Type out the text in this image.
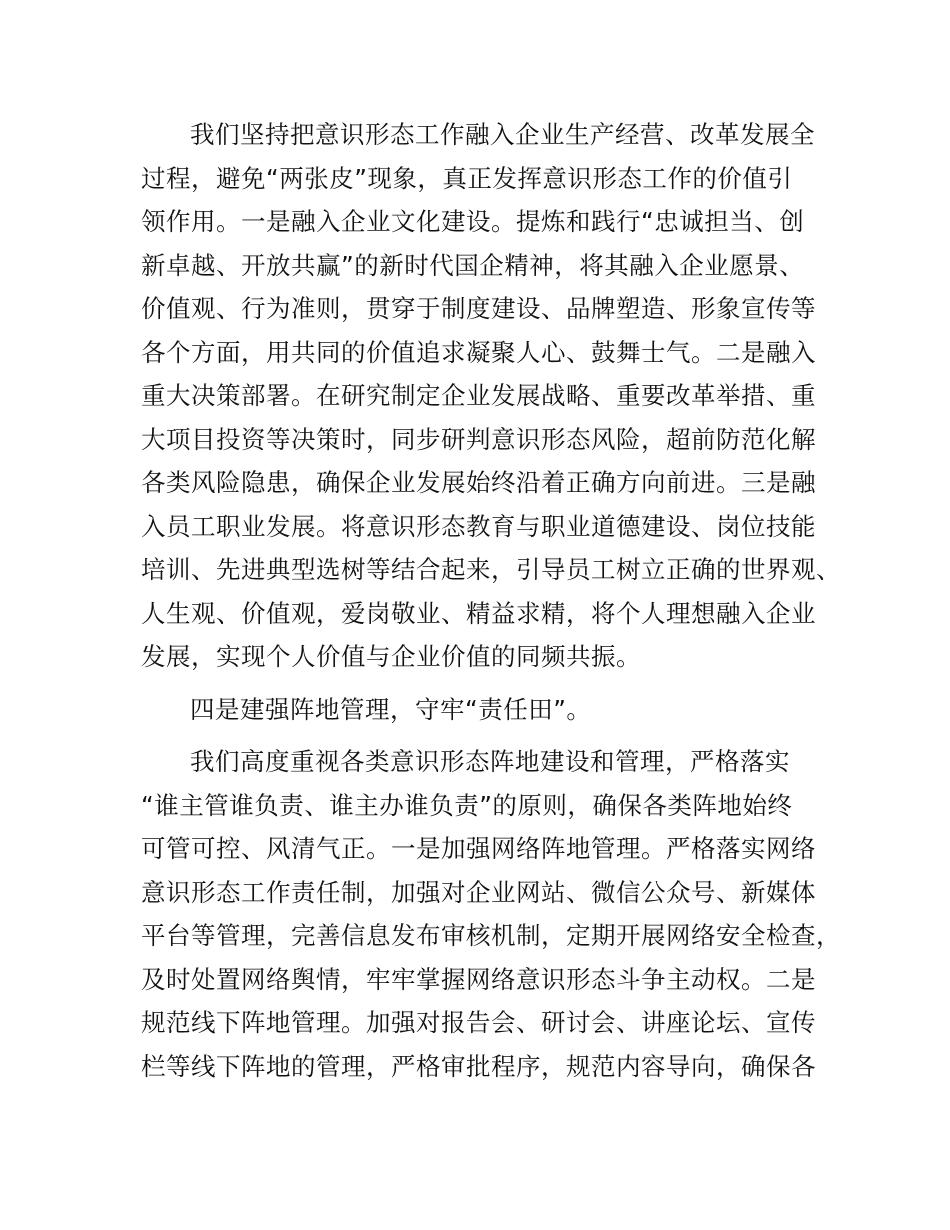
我们坚持把意识形态工作融入企业生产经营、改革发展全
过程，避免“两张皮”现象，真正发挥意识形态工作的价值引
领作用。一是融入企业文化建设。提炼和践行“忠诚担当、创
新卓越、开放共赢”的新时代国企精神，将其融入企业愿景、
价值观、行为准则，贯穿于制度建设、品牌塑造、形象宣传等
各个方面，用共同的价值追求凝聚人心、鼓舞士气。二是融入
重大决策部署。在研究制定企业发展战略、重要改革举措、重
大项目投资等决策时，同步研判意识形态风险，超前防范化解
各类风险隐患，确保企业发展始终沿着正确方向前进。三是融
入员工职业发展。将意识形态教育与职业道德建设、岗位技能
培训、先进典型选树等结合起来，引导员工树立正确的世界观、
人生观、价值观，爱岗敬业、精益求精，将个人理想融入企业
发展，实现个人价值与企业价值的同频共振。

四是建强阵地管理，守牢“责任田”。

我们高度重视各类意识形态阵地建设和管理，严格落实
“谁主管谁负责、谁主办谁负责”的原则，确保各类阵地始终
可管可控、风清气正。一是加强网络阵地管理。严格落实网络
意识形态工作责任制，加强对企业网站、微信公众号、新媒体
平台等管理，完善信息发布审核机制，定期开展网络安全检查，
及时处置网络舆情，牢牢掌握网络意识形态斗争主动权。二是
规范线下阵地管理。加强对报告会、研讨会、讲座论坛、宣传
栏等线下阵地的管理，严格审批程序，规范内容导向，确保各
